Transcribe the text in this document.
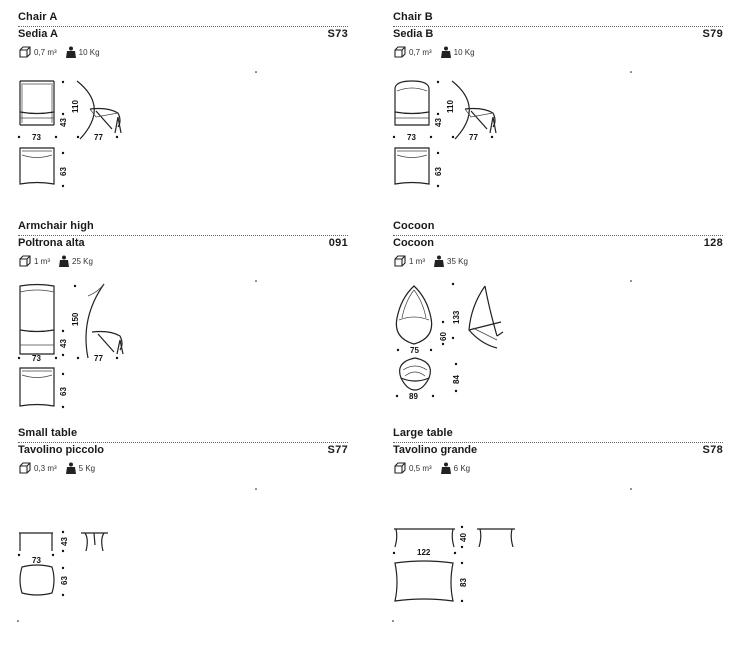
Chair A
Sedia A	S73
0,7 m³	10 Kg
73
43
110
77
63
Chair B
Sedia B	S79
0,7 m³	10 Kg
73
43
110
77
63
Armchair high
Poltrona alta	091
1 m³	25 Kg
73
43
150
77
63
Cocoon
Cocoon	128
1 m³	35 Kg
75
60
133
89
84
Small table
Tavolino piccolo	S77
0,3 m³	5 Kg
73
43
63
Large table
Tavolino grande	S78
0,5 m³	6 Kg
122
40
83
